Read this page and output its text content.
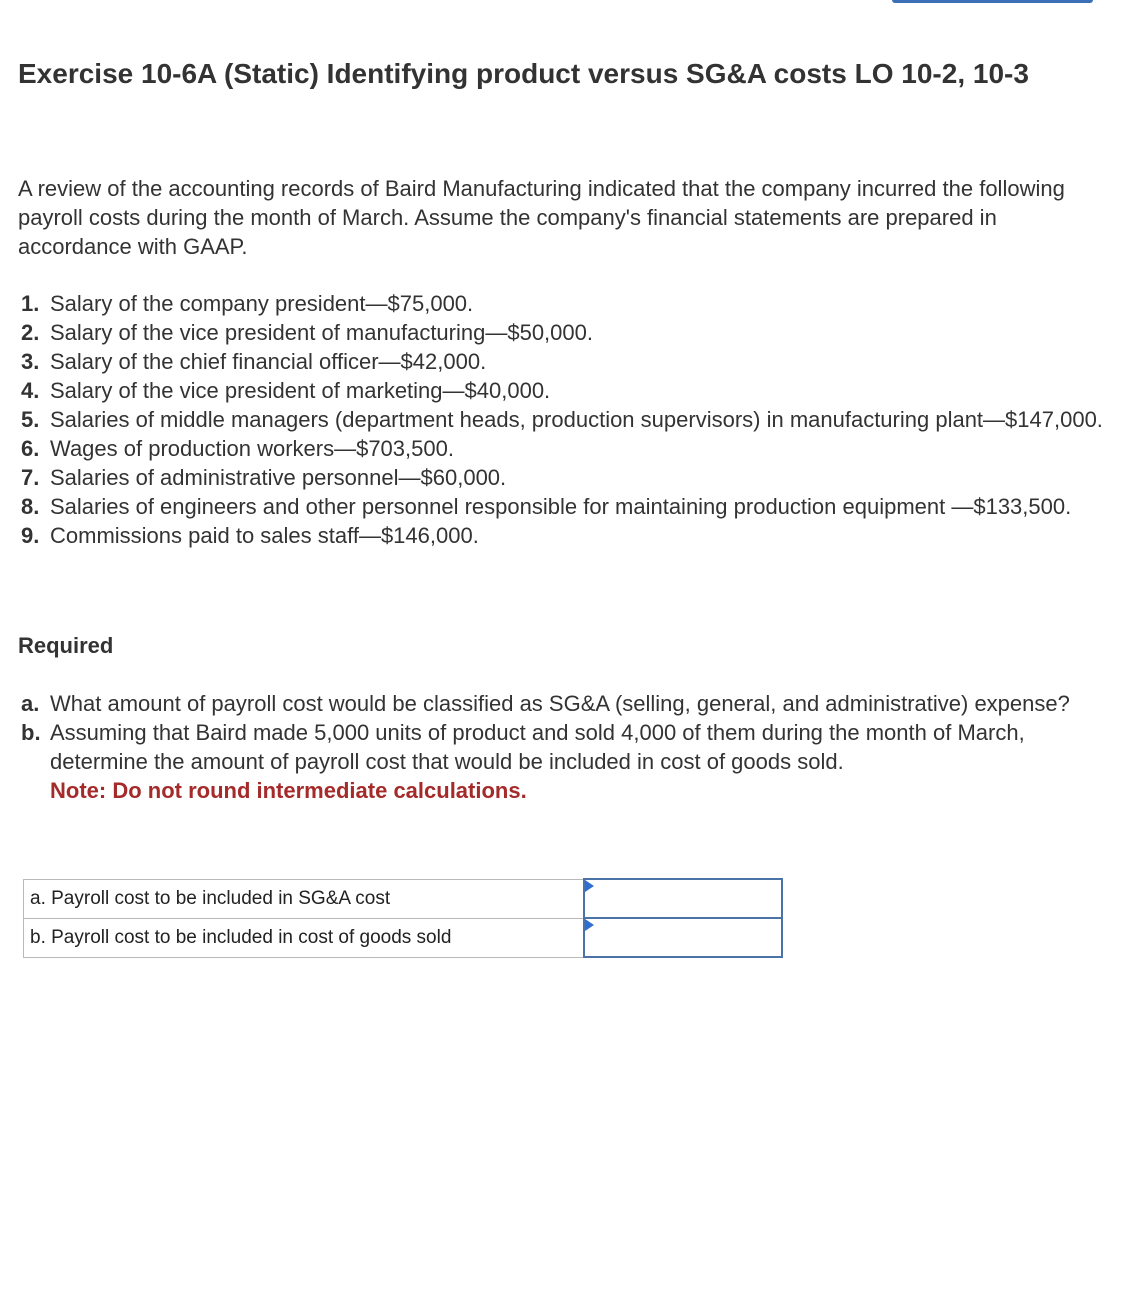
Exercise 10-6A (Static) Identifying product versus SG&A costs LO 10-2, 10-3

A review of the accounting records of Baird Manufacturing indicated that the company incurred the following payroll costs during the month of March. Assume the company's financial statements are prepared in accordance with GAAP.

1. Salary of the company president—$75,000.
2. Salary of the vice president of manufacturing—$50,000.
3. Salary of the chief financial officer—$42,000.
4. Salary of the vice president of marketing—$40,000.
5. Salaries of middle managers (department heads, production supervisors) in manufacturing plant—$147,000.
6. Wages of production workers—$703,500.
7. Salaries of administrative personnel—$60,000.
8. Salaries of engineers and other personnel responsible for maintaining production equipment —$133,500.
9. Commissions paid to sales staff—$146,000.
Required
a. What amount of payroll cost would be classified as SG&A (selling, general, and administrative) expense?
b. Assuming that Baird made 5,000 units of product and sold 4,000 of them during the month of March, determine the amount of payroll cost that would be included in cost of goods sold.
Note: Do not round intermediate calculations.
a. Payroll cost to be included in SG&A cost	

b. Payroll cost to be included in cost of goods sold	
